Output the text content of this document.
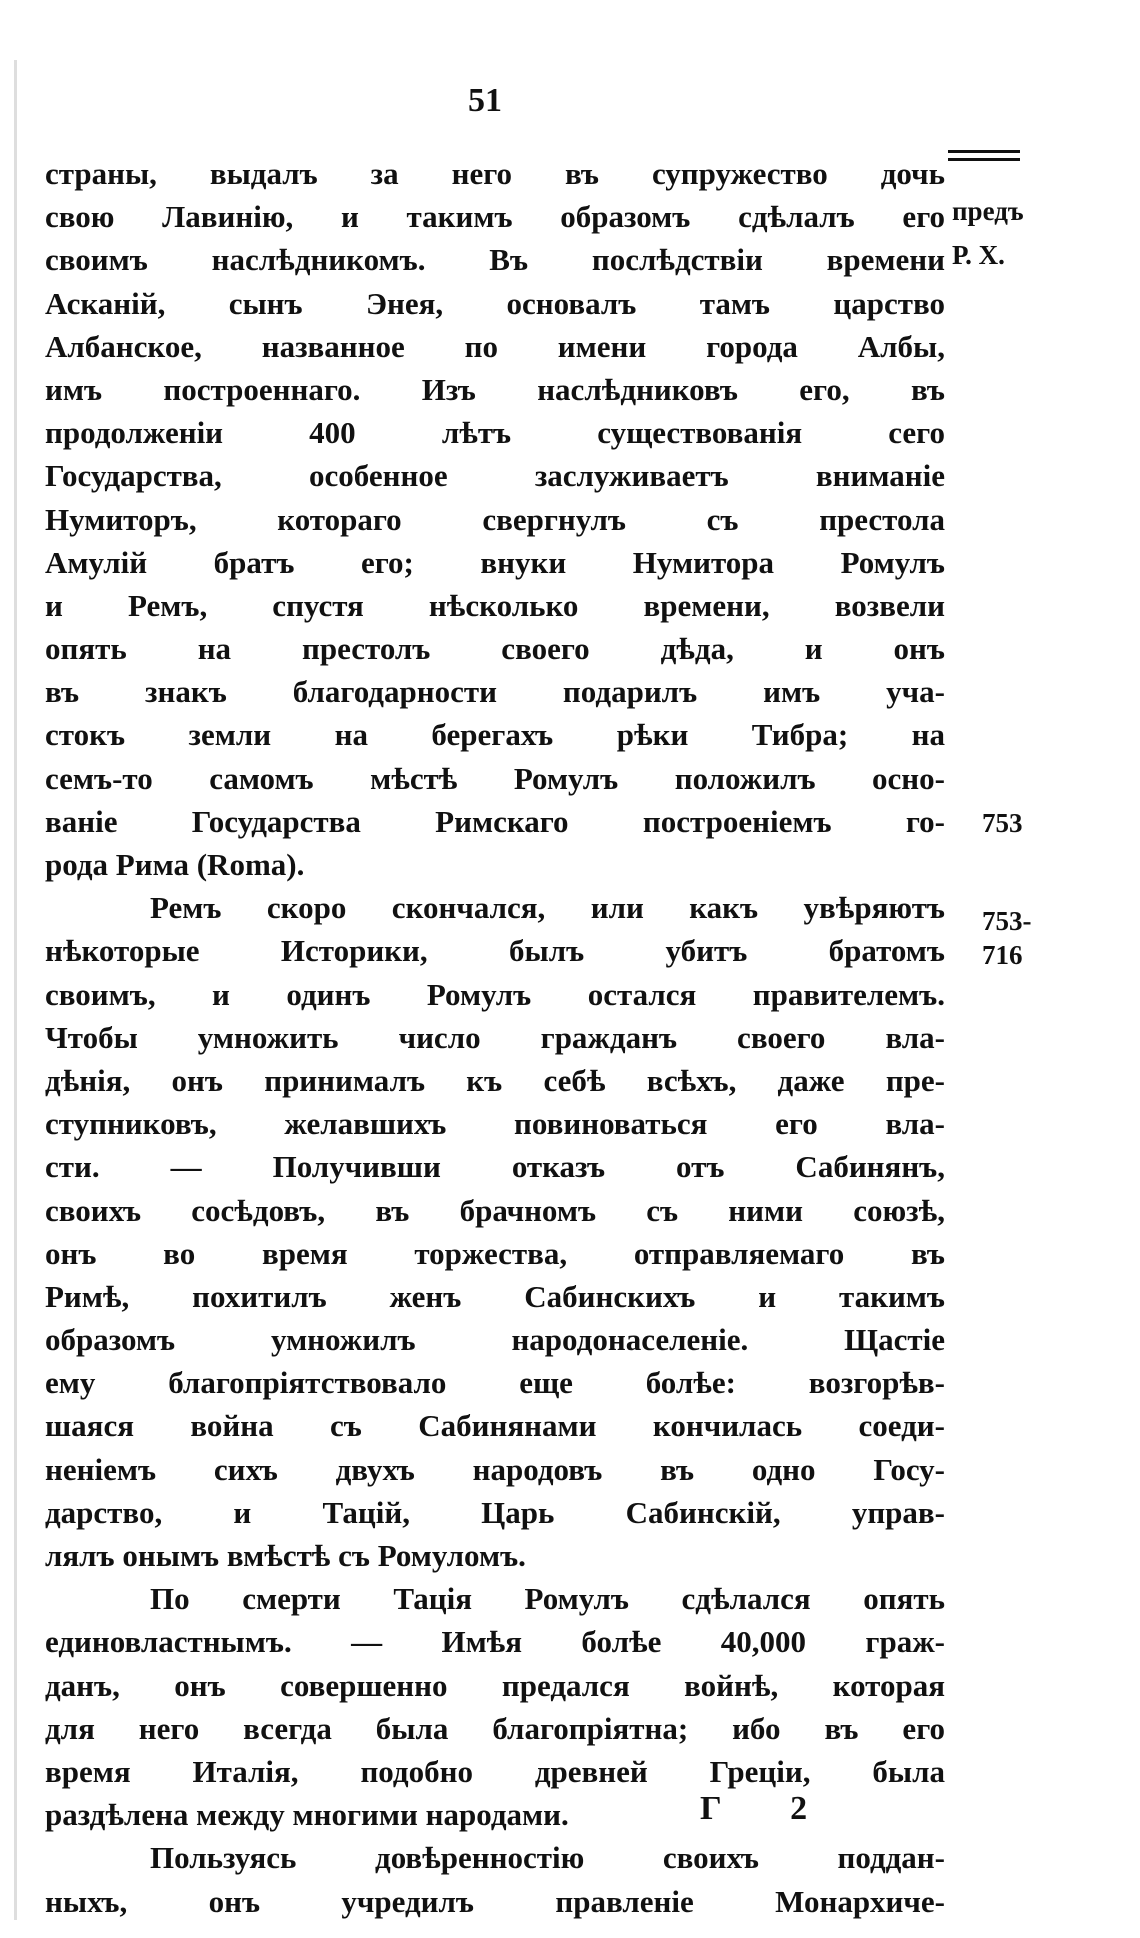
51
предъ
Р. Х.
753
753-
716
страны, выдалъ за него въ супружество дочь
свою Лавинію, и такимъ образомъ сдѣлалъ его
своимъ наслѣдникомъ. Въ послѣдствіи времени
Асканій, сынъ Энея, основалъ тамъ царство
Албанское, названное по имени города Албы,
имъ построеннаго. Изъ наслѣдниковъ его, въ
продолженіи 400 лѣтъ существованія сего
Государства, особенное заслуживаетъ вниманіе
Нумиторъ, котораго свергнулъ съ престола
Амулій братъ его; внуки Нумитора Ромулъ
и Ремъ, спустя нѣсколько времени, возвели
опять на престолъ своего дѣда, и онъ
въ знакъ благодарности подарилъ имъ уча-
стокъ земли на берегахъ рѣки Тибра; на
семъ-то самомъ мѣстѣ Ромулъ положилъ осно-
ваніе Государства Римскаго построеніемъ го-
рода Рима (Roma).
Ремъ скоро скончался, или какъ увѣряютъ
нѣкоторые Историки, былъ убитъ братомъ
своимъ, и одинъ Ромулъ остался правителемъ.
Чтобы умножить число гражданъ своего вла-
дѣнія, онъ принималъ къ себѣ всѣхъ, даже пре-
ступниковъ, желавшихъ повиноваться его вла-
сти. — Получивши отказъ отъ Сабинянъ,
своихъ сосѣдовъ, въ брачномъ съ ними союзѣ,
онъ во время торжества, отправляемаго въ
Римѣ, похитилъ женъ Сабинскихъ и такимъ
образомъ умножилъ народонаселеніе. Щастіе
ему благопріятствовало еще болѣе: возгорѣв-
шаяся война съ Сабинянами кончилась соеди-
неніемъ сихъ двухъ народовъ въ одно Госу-
дарство, и Тацій, Царь Сабинскій, управ-
лялъ онымъ вмѣстѣ съ Ромуломъ.
По смерти Тація Ромулъ сдѣлался опять
единовластнымъ. — Имѣя болѣе 40,000 граж-
данъ, онъ совершенно предался войнѣ, которая
для него всегда была благопріятна; ибо въ его
время Италія, подобно древней Греціи, была
раздѣлена между многими народами.
Пользуясь довѣренностію своихъ поддан-
ныхъ, онъ учредилъ правленіе Монархиче-
Г 2
